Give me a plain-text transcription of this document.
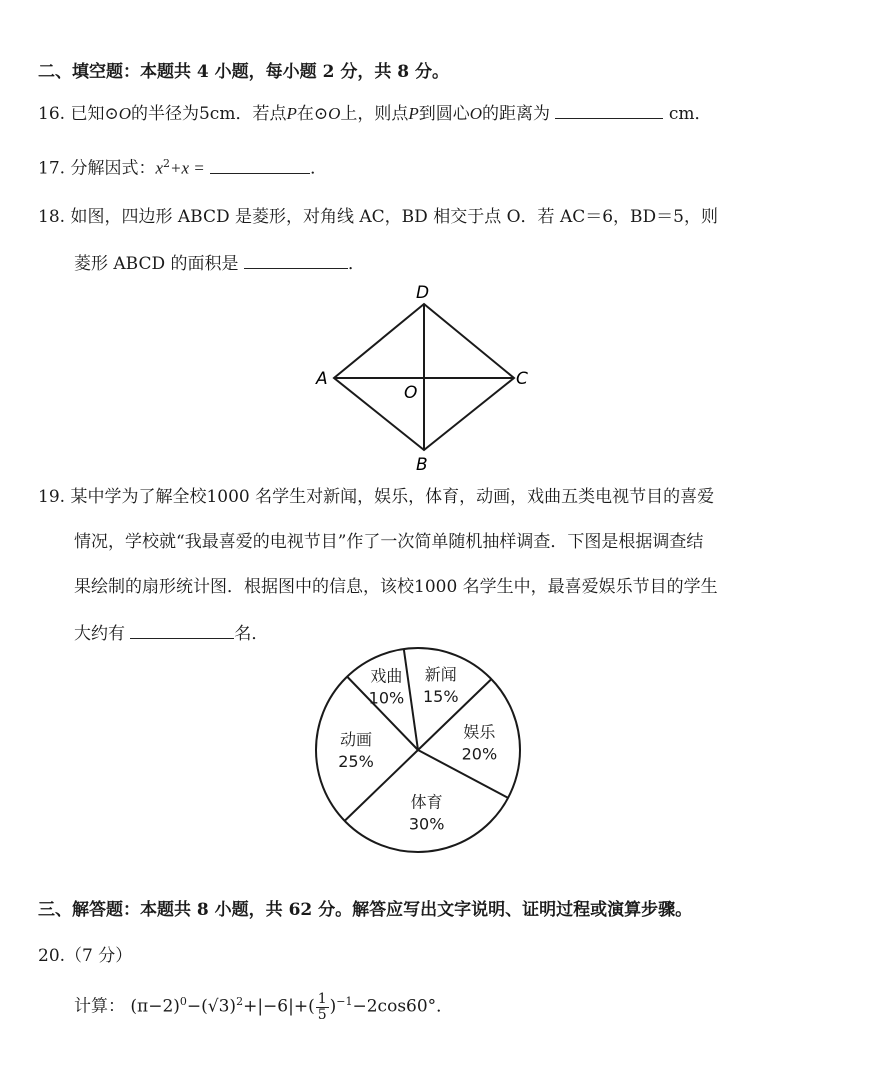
二、填空题：本题共 4 小题，每小题 2 分，共 8 分。
16. 已知⊙O的半径为5cm．若点P在⊙O上，则点P到圆心O的距离为	cm．
17. 分解因式：$x^2+x$ =	．
18. 如图，四边形 ABCD 是菱形，对角线 AC，BD 相交于点 O．若 AC＝6，BD＝5，则
菱形 ABCD 的面积是	．
D
A
O
C
B
19. 某中学为了解全校1000 名学生对新闻，娱乐，体育，动画，戏曲五类电视节目的喜爱
情况，学校就“我最喜爱的电视节目”作了一次简单随机抽样调查．下图是根据调查结
果绘制的扇形统计图．根据图中的信息，该校1000 名学生中，最喜爱娱乐节目的学生
大约有	名．
新闻
15%
娱乐
20%
体育
30%
动画
25%
戏曲
10%
三、解答题：本题共 8 小题，共 62 分。解答应写出文字说明、证明过程或演算步骤。
20.（7 分）
计算： $(\pi-2)^0-(√3)^2+|-6|+( \frac{1}{5} )^{-1}-2\cos 60^\circ$．
